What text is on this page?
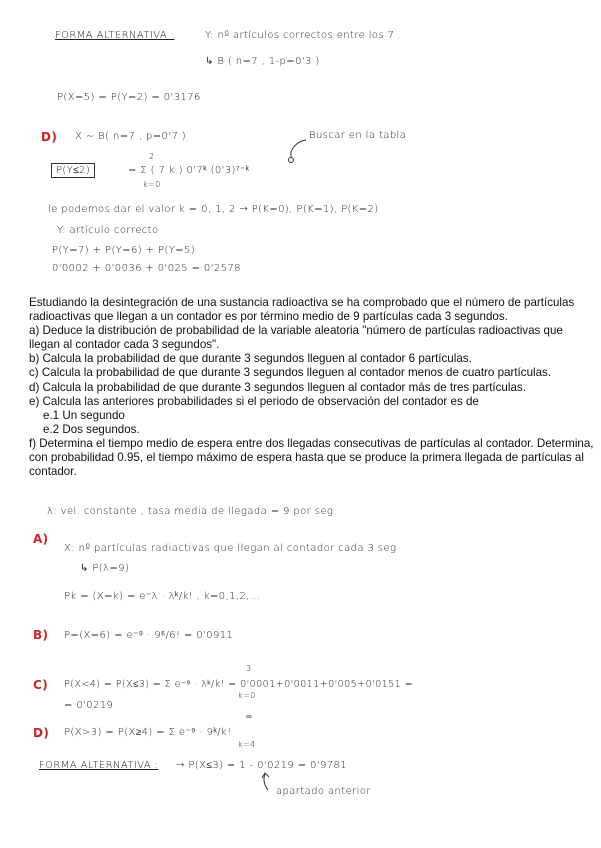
FORMA ALTERNATIVA :	Y: nº artículos correctos entre los 7
↳ B ( n=7 , 1-p=0'3 )
P(X=5) = P(Y=2) = 0'3176
D) X ~ B( n=7 , p=0'7 )	Buscar en la tabla
P(Y≤2)
2
k=0
= Σ ( 7 k ) 0'7ᵏ (0'3)⁷⁻ᵏ
le podemos dar el valor k = 0, 1, 2 → P(K=0), P(K=1), P(K=2)
Y: artículo correcto
P(Y=7) + P(Y=6) + P(Y=5)
0'0002 + 0'0036 + 0'025 = 0'2578

Estudiando la desintegración de una sustancia radioactiva se ha comprobado que el número de partículas radioactivas que llegan a un contador es por término medio de 9 partículas cada 3 segundos.

a) Deduce la distribución de probabilidad de la variable aleatoria "número de partículas radioactivas que llegan al contador cada 3 segundos".

b) Calcula la probabilidad de que durante 3 segundos lleguen al contador 6 partículas.

c) Calcula la probabilidad de que durante 3 segundos lleguen al contador menos de cuatro partículas.

d) Calcula la probabilidad de que durante 3 segundos lleguen al contador más de tres partículas.

e) Calcula las anteriores probabilidades si el periodo de observación del contador es de

e.1 Un segundo

e.2 Dos segundos.

f) Determina el tiempo medio de espera entre dos llegadas consecutivas de partículas al contador. Determina, con probabilidad 0.95, el tiempo máximo de espera hasta que se produce la primera llegada de partículas al contador.

λ: vel. constante , tasa media de llegada = 9 por seg.
A)
X: nº partículas radiactivas que llegan al contador cada 3 seg
↳ P(λ=9)
Pk = (X=k) = e⁻λ · λᵏ/k! , k=0,1,2,...
B) P=(X=6) = e⁻⁹ · 9⁶/6! = 0'0911
C)
3
k=0
P(X<4) = P(X≤3) = Σ e⁻⁹ · λᵏ/k! = 0'0001+0'0011+0'005+0'0151 =
= 0'0219
D)
∞
k=4
P(X>3) = P(X≥4) = Σ e⁻⁹ · 9ᵏ/k!
FORMA ALTERNATIVA : → P(X≤3) = 1 - 0'0219 = 0'9781
apartado anterior
